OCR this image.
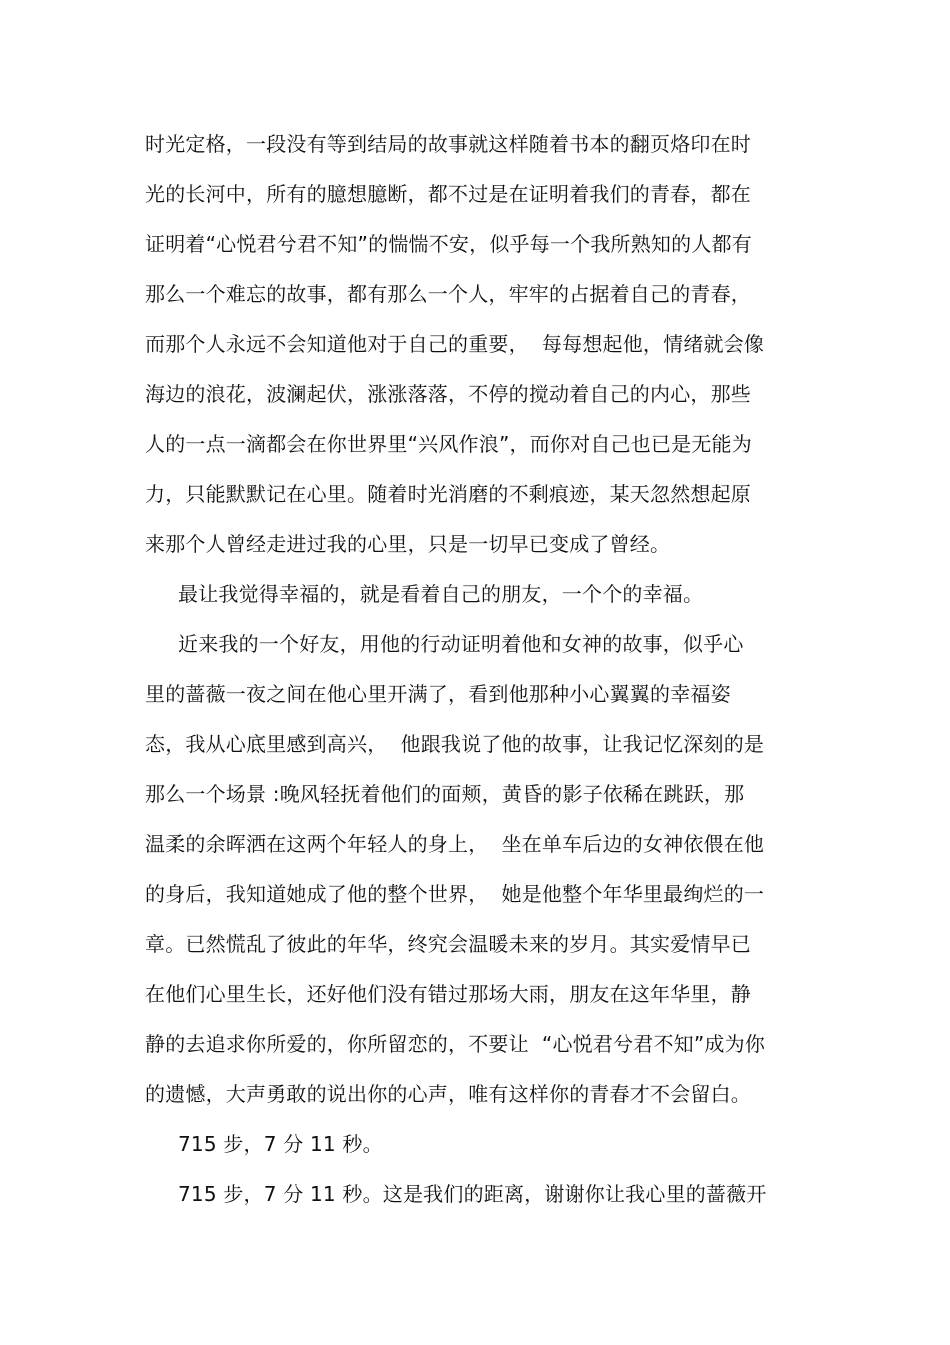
时光定格，一段没有等到结局的故事就这样随着书本的翻页烙印在时
光的长河中，所有的臆想臆断，都不过是在证明着我们的青春，都在
证明着“心悦君兮君不知”的惴惴不安，似乎每一个我所熟知的人都有
那么一个难忘的故事，都有那么一个人，牢牢的占据着自己的青春，
而那个人永远不会知道他对于自己的重要，  每每想起他，情绪就会像
海边的浪花，波澜起伏，涨涨落落，不停的搅动着自己的内心，那些
人的一点一滴都会在你世界里“兴风作浪”，而你对自己也已是无能为
力，只能默默记在心里。随着时光消磨的不剩痕迹，某天忽然想起原
来那个人曾经走进过我的心里，只是一切早已变成了曾经。
最让我觉得幸福的，就是看着自己的朋友，一个个的幸福。
近来我的一个好友，用他的行动证明着他和女神的故事，似乎心
里的蔷薇一夜之间在他心里开满了，看到他那种小心翼翼的幸福姿
态，我从心底里感到高兴，  他跟我说了他的故事，让我记忆深刻的是
那么一个场景 :晚风轻抚着他们的面颊，黄昏的影子依稀在跳跃，那
温柔的余晖洒在这两个年轻人的身上，  坐在单车后边的女神依偎在他
的身后，我知道她成了他的整个世界，  她是他整个年华里最绚烂的一
章。已然慌乱了彼此的年华，终究会温暖未来的岁月。其实爱情早已
在他们心里生长，还好他们没有错过那场大雨，朋友在这年华里，静
静的去追求你所爱的，你所留恋的，不要让  “心悦君兮君不知”成为你
的遗憾，大声勇敢的说出你的心声，唯有这样你的青春才不会留白。
715 步，7 分 11 秒。
715 步，7 分 11 秒。这是我们的距离，谢谢你让我心里的蔷薇开
